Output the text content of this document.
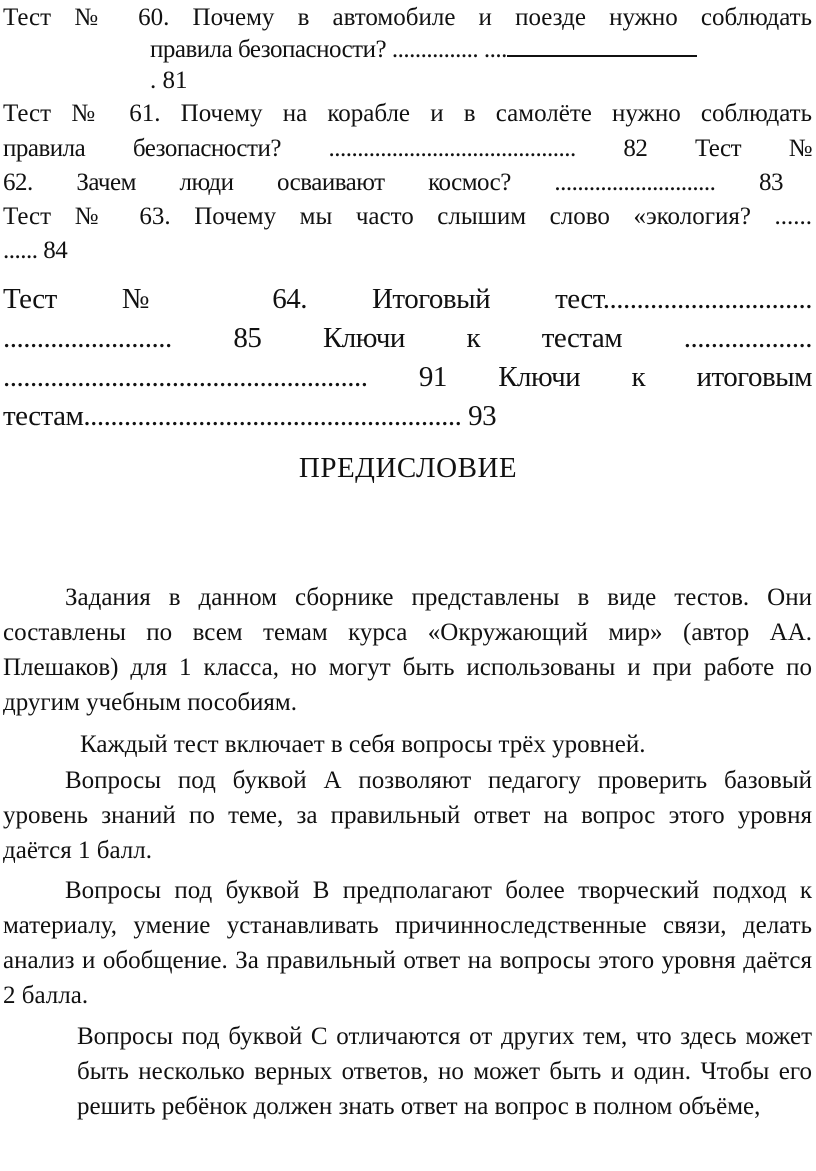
Тест № 60. Почему в автомобиле и поезде нужно соблюдать
правила безопасности? ............... ....
. 81
Тест № 61. Почему на корабле и в самолёте нужно соблюдать
правила безопасности? ........................................... 82 Тест №
62. Зачем люди осваивают космос? ............................ 83
Тест № 63. Почему мы часто слышим слово «экология? ......
...... 84
Тест № 64. Итоговый тест...............................
......................... 85 Ключи к тестам ...................
...................................................... 91 Ключи к итоговым
тестам........................................................ 93
ПРЕДИСЛОВИЕ

Задания в данном сборнике представлены в виде тестов. Они составлены по всем темам курса «Окружающий мир» (автор АА. Плешаков) для 1 класса, но могут быть использованы и при работе по другим учебным пособиям.

Каждый тест включает в себя вопросы трёх уровней.

Вопросы под буквой А позволяют педагогу проверить базовый уровень знаний по теме, за правильный ответ на вопрос этого уровня даётся 1 балл.

Вопросы под буквой В предполагают более творческий подход к материалу, умение устанавливать причинноследственные связи, делать анализ и обобщение. За правильный ответ на вопросы этого уровня даётся 2 балла.

Вопросы под буквой С отличаются от других тем, что здесь может быть несколько верных ответов, но может быть и один. Чтобы его решить ребёнок должен знать ответ на вопрос в полном объёме,
